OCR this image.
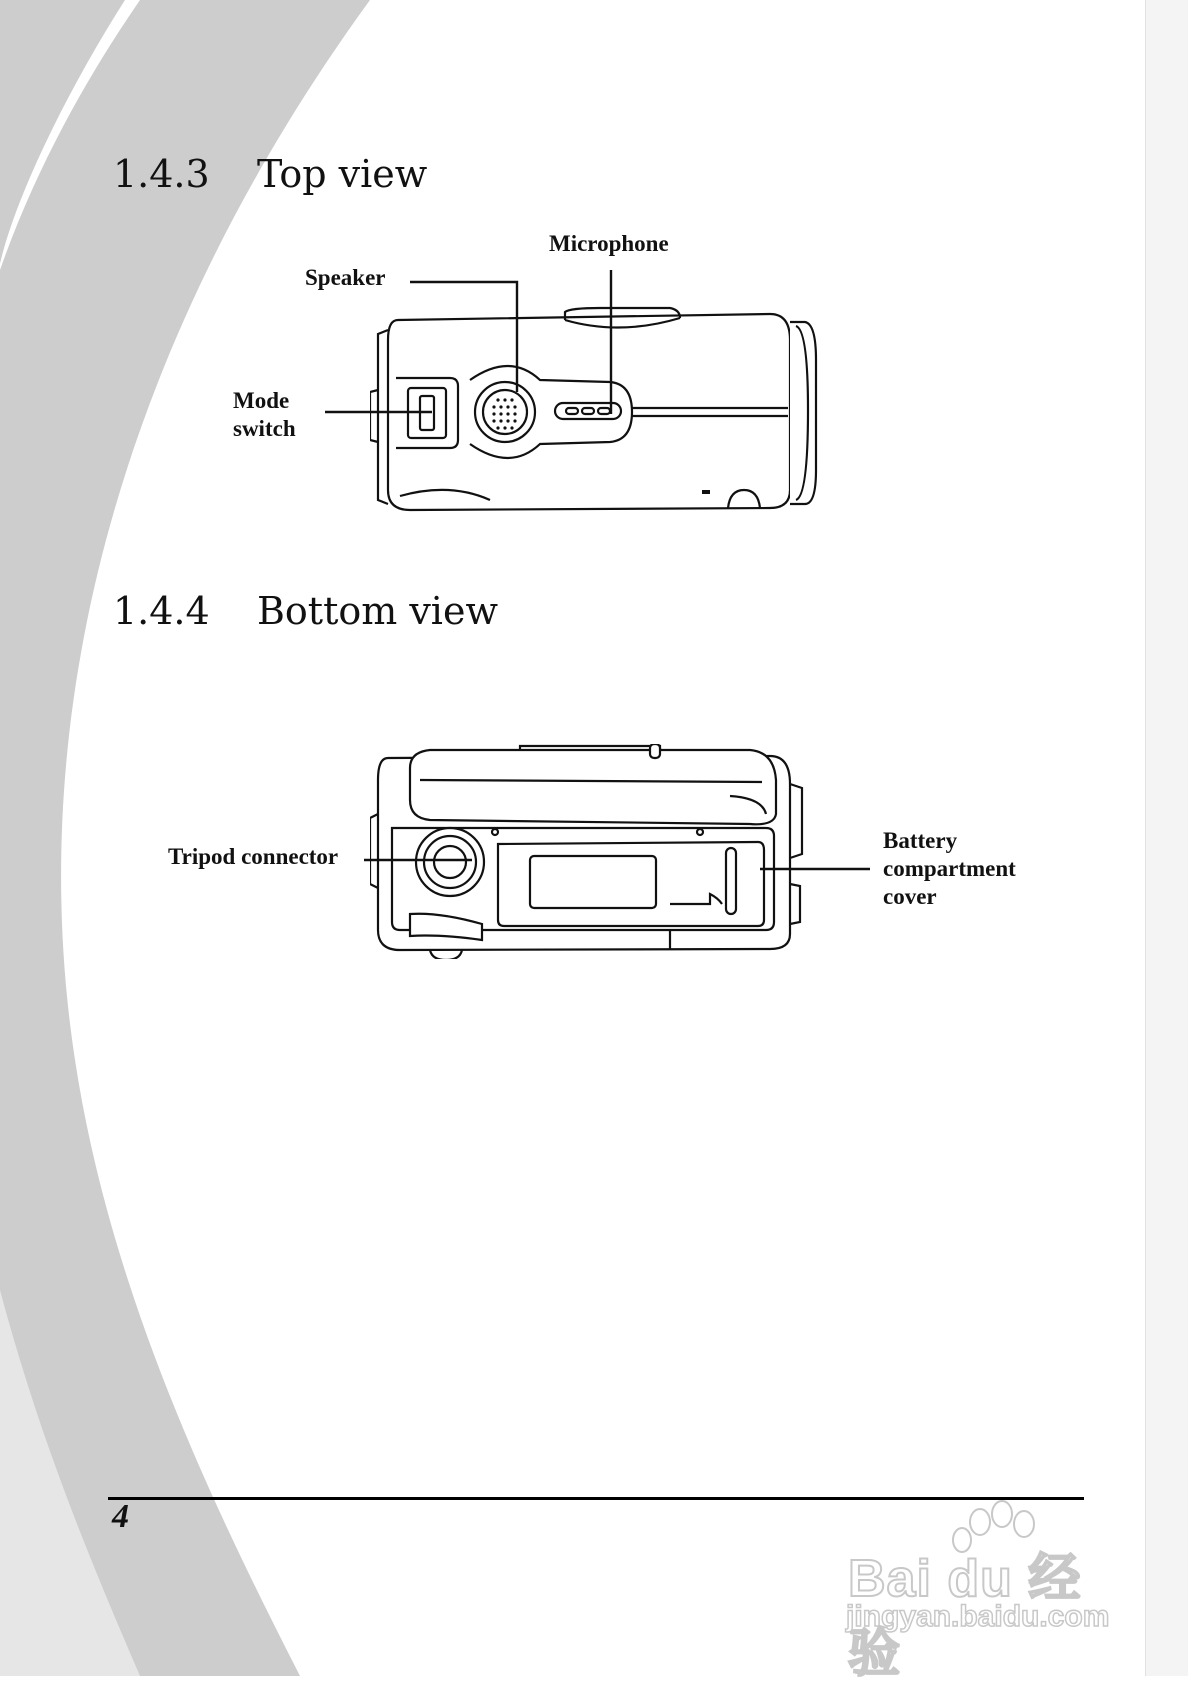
1.4.3 Top view

Microphone

Speaker

Mode
switch

1.4.4 Bottom view

Tripod connector

Battery
compartment
cover

4
Bai du 经验
jingyan.baidu.com
